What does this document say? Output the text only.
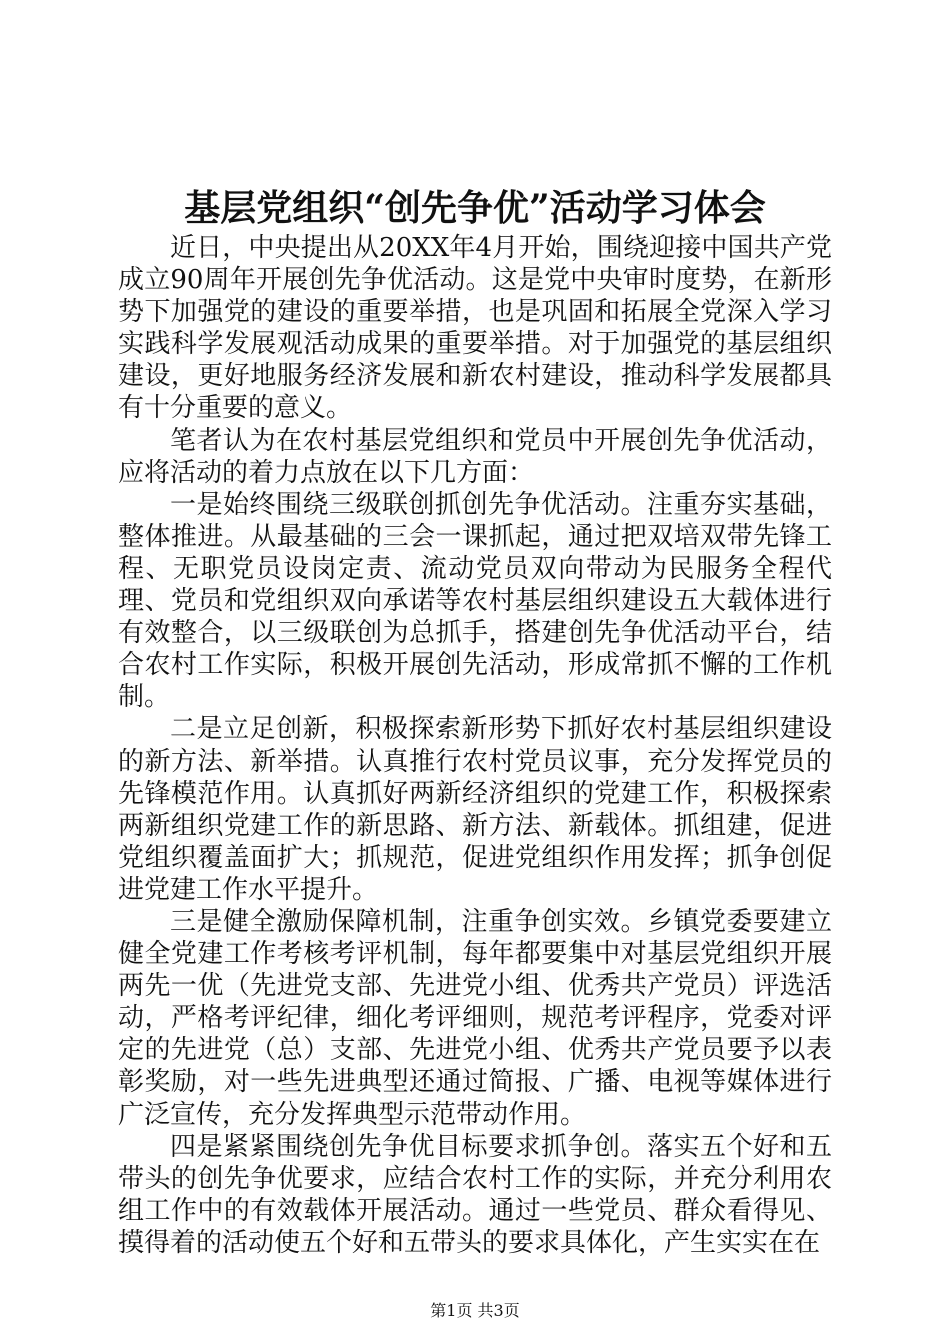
基层党组织“创先争优”活动学习体会

近日，中央提出从20XX年4月开始，围绕迎接中国共产党成立90周年开展创先争优活动。这是党中央审时度势，在新形势下加强党的建设的重要举措，也是巩固和拓展全党深入学习实践科学发展观活动成果的重要举措。对于加强党的基层组织建设，更好地服务经济发展和新农村建设，推动科学发展都具有十分重要的意义。

笔者认为在农村基层党组织和党员中开展创先争优活动，应将活动的着力点放在以下几方面：

一是始终围绕三级联创抓创先争优活动。注重夯实基础，整体推进。从最基础的三会一课抓起，通过把双培双带先锋工程、无职党员设岗定责、流动党员双向带动为民服务全程代理、党员和党组织双向承诺等农村基层组织建设五大载体进行有效整合，以三级联创为总抓手，搭建创先争优活动平台，结合农村工作实际，积极开展创先活动，形成常抓不懈的工作机制。

二是立足创新，积极探索新形势下抓好农村基层组织建设的新方法、新举措。认真推行农村党员议事，充分发挥党员的先锋模范作用。认真抓好两新经济组织的党建工作，积极探索两新组织党建工作的新思路、新方法、新载体。抓组建，促进党组织覆盖面扩大；抓规范，促进党组织作用发挥；抓争创促进党建工作水平提升。

三是健全激励保障机制，注重争创实效。乡镇党委要建立健全党建工作考核考评机制，每年都要集中对基层党组织开展两先一优（先进党支部、先进党小组、优秀共产党员）评选活动，严格考评纪律，细化考评细则，规范考评程序，党委对评定的先进党（总）支部、先进党小组、优秀共产党员要予以表彰奖励，对一些先进典型还通过简报、广播、电视等媒体进行广泛宣传，充分发挥典型示范带动作用。

四是紧紧围绕创先争优目标要求抓争创。落实五个好和五带头的创先争优要求，应结合农村工作的实际，并充分利用农组工作中的有效载体开展活动。通过一些党员、群众看得见、摸得着的活动使五个好和五带头的要求具体化，产生实实在在

第1页 共3页
